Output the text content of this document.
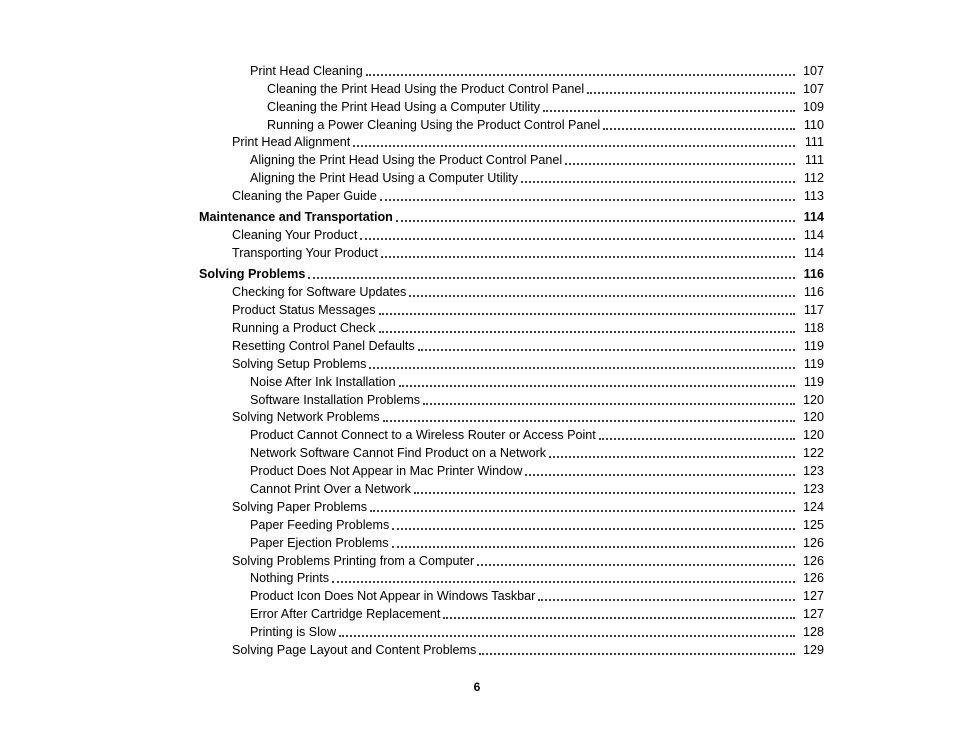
Print Head Cleaning	107
Cleaning the Print Head Using the Product Control Panel	107
Cleaning the Print Head Using a Computer Utility	109
Running a Power Cleaning Using the Product Control Panel	110
Print Head Alignment	111
Aligning the Print Head Using the Product Control Panel	111
Aligning the Print Head Using a Computer Utility	112
Cleaning the Paper Guide	113
Maintenance and Transportation	114
Cleaning Your Product	114
Transporting Your Product	114
Solving Problems	116
Checking for Software Updates	116
Product Status Messages	117
Running a Product Check	118
Resetting Control Panel Defaults	119
Solving Setup Problems	119
Noise After Ink Installation	119
Software Installation Problems	120
Solving Network Problems	120
Product Cannot Connect to a Wireless Router or Access Point	120
Network Software Cannot Find Product on a Network	122
Product Does Not Appear in Mac Printer Window	123
Cannot Print Over a Network	123
Solving Paper Problems	124
Paper Feeding Problems	125
Paper Ejection Problems	126
Solving Problems Printing from a Computer	126
Nothing Prints	126
Product Icon Does Not Appear in Windows Taskbar	127
Error After Cartridge Replacement	127
Printing is Slow	128
Solving Page Layout and Content Problems	129
6
